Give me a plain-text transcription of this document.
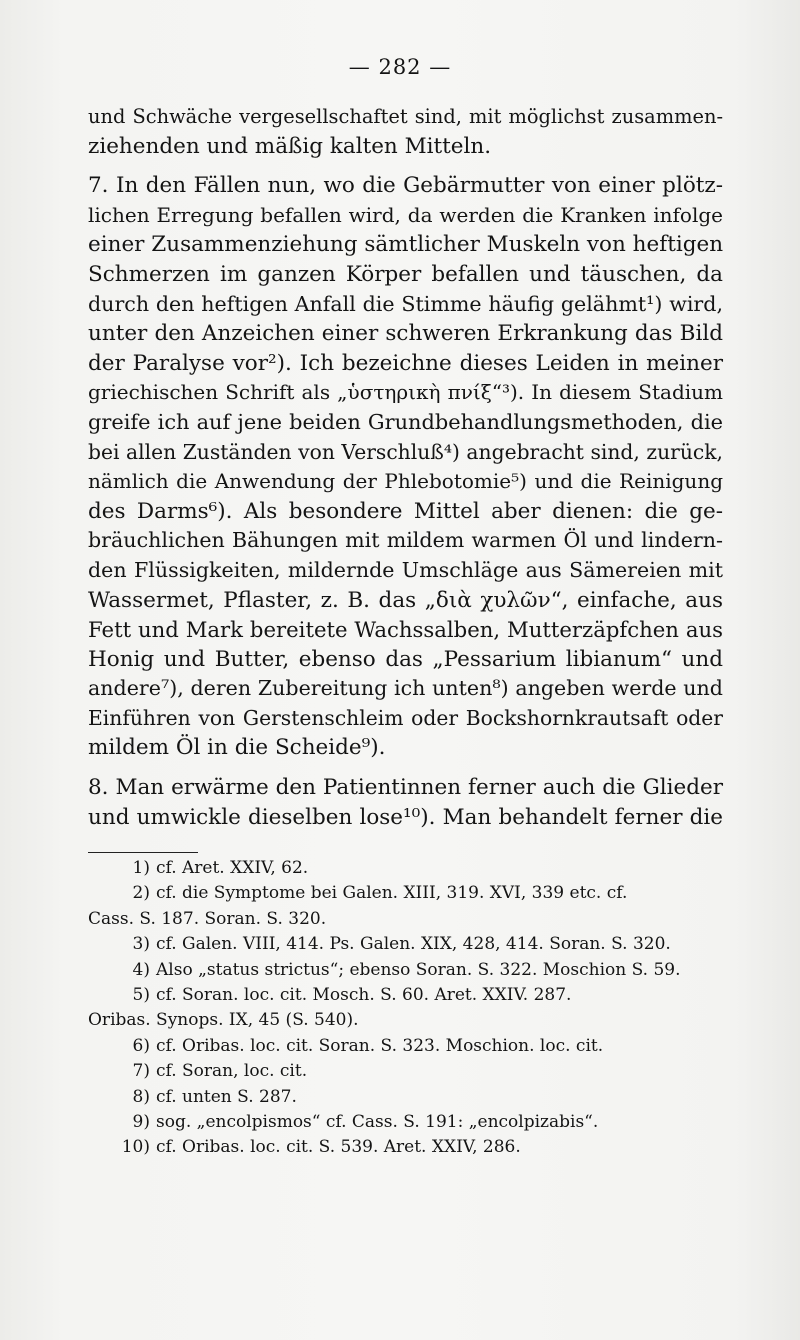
— 282 —
und Schwäche vergesellschaftet sind, mit möglichst zusammen-
ziehenden und mäßig kalten Mitteln.
7. In den Fällen nun, wo die Gebärmutter von einer plötz-
lichen Erregung befallen wird, da werden die Kranken infolge
einer Zusammenziehung sämtlicher Muskeln von heftigen
Schmerzen im ganzen Körper befallen und täuschen, da
durch den heftigen Anfall die Stimme häufig gelähmt¹) wird,
unter den Anzeichen einer schweren Erkrankung das Bild
der Paralyse vor²). Ich bezeichne dieses Leiden in meiner
griechischen Schrift als „ὑστηρικὴ πνίξ“³). In diesem Stadium
greife ich auf jene beiden Grundbehandlungsmethoden, die
bei allen Zuständen von Verschluß⁴) angebracht sind, zurück,
nämlich die Anwendung der Phlebotomie⁵) und die Reinigung
des Darms⁶). Als besondere Mittel aber dienen: die ge-
bräuchlichen Bähungen mit mildem warmen Öl und lindern-
den Flüssigkeiten, mildernde Umschläge aus Sämereien mit
Wassermet, Pflaster, z. B. das „διὰ χυλῶν“, einfache, aus
Fett und Mark bereitete Wachssalben, Mutterzäpfchen aus
Honig und Butter, ebenso das „Pessarium libianum“ und
andere⁷), deren Zubereitung ich unten⁸) angeben werde und
Einführen von Gerstenschleim oder Bockshornkrautsaft oder
mildem Öl in die Scheide⁹).
8. Man erwärme den Patientinnen ferner auch die Glieder
und umwickle dieselben lose¹⁰). Man behandelt ferner die
1) cf. Aret. XXIV, 62.
2) cf. die Symptome bei Galen. XIII, 319. XVI, 339 etc. cf.
Cass. S. 187. Soran. S. 320.
3) cf. Galen. VIII, 414. Ps. Galen. XIX, 428, 414. Soran. S. 320.
4) Also „status strictus“; ebenso Soran. S. 322. Moschion S. 59.
5) cf. Soran. loc. cit. Mosch. S. 60. Aret. XXIV. 287.
Oribas. Synops. IX, 45 (S. 540).
6) cf. Oribas. loc. cit. Soran. S. 323. Moschion. loc. cit.
7) cf. Soran, loc. cit.
8) cf. unten S. 287.
9) sog. „encolpismos“ cf. Cass. S. 191: „encolpizabis“.
10) cf. Oribas. loc. cit. S. 539. Aret. XXIV, 286.
